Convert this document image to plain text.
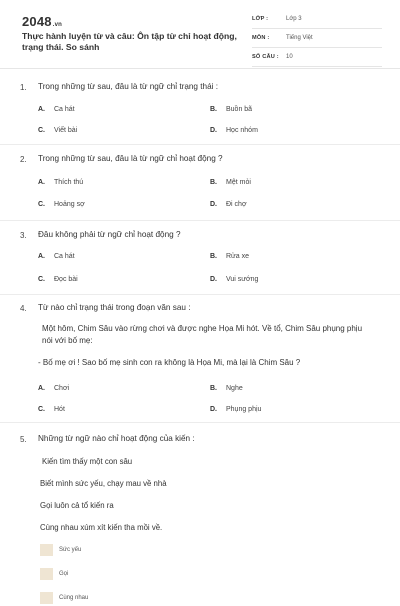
2048.vn
Thực hành luyện từ và câu: Ôn tập từ chỉ hoạt động, trạng thái. So sánh
LỚP :	Lớp 3
MÔN :	Tiếng Việt
SỐ CÂU : 10
1. Trong những từ sau, đâu là từ ngữ chỉ trạng thái :
A. Ca hát	B. Buồn bã
C. Viết bài	D. Học nhóm
2. Trong những từ sau, đâu là từ ngữ chỉ hoạt động ?
A. Thích thú	B. Mệt mỏi
C. Hoảng sợ	D. Đi chợ
3. Đâu không phải từ ngữ chỉ hoạt động ?
A. Ca hát	B. Rửa xe
C. Đọc bài	D. Vui sướng
4. Từ nào chỉ trạng thái trong đoạn văn sau :
Một hôm, Chim Sâu vào rừng chơi và được nghe Họa Mi hót. Về tổ, Chim Sâu phụng phịu nói với bố mẹ:
- Bố mẹ ơi ! Sao bố mẹ sinh con ra không là Họa Mi, mà lại là Chim Sâu ?
A. Chơi	B. Nghe
C. Hót	D. Phụng phịu
5. Những từ ngữ nào chỉ hoạt động của kiến :
Kiến tìm thấy một con sâu
Biết mình sức yếu, chạy mau về nhà
Gọi luôn cả tổ kiến ra
Cùng nhau xúm xít kiến tha mồi về.
Sức yếu
Gọi
Cùng nhau
